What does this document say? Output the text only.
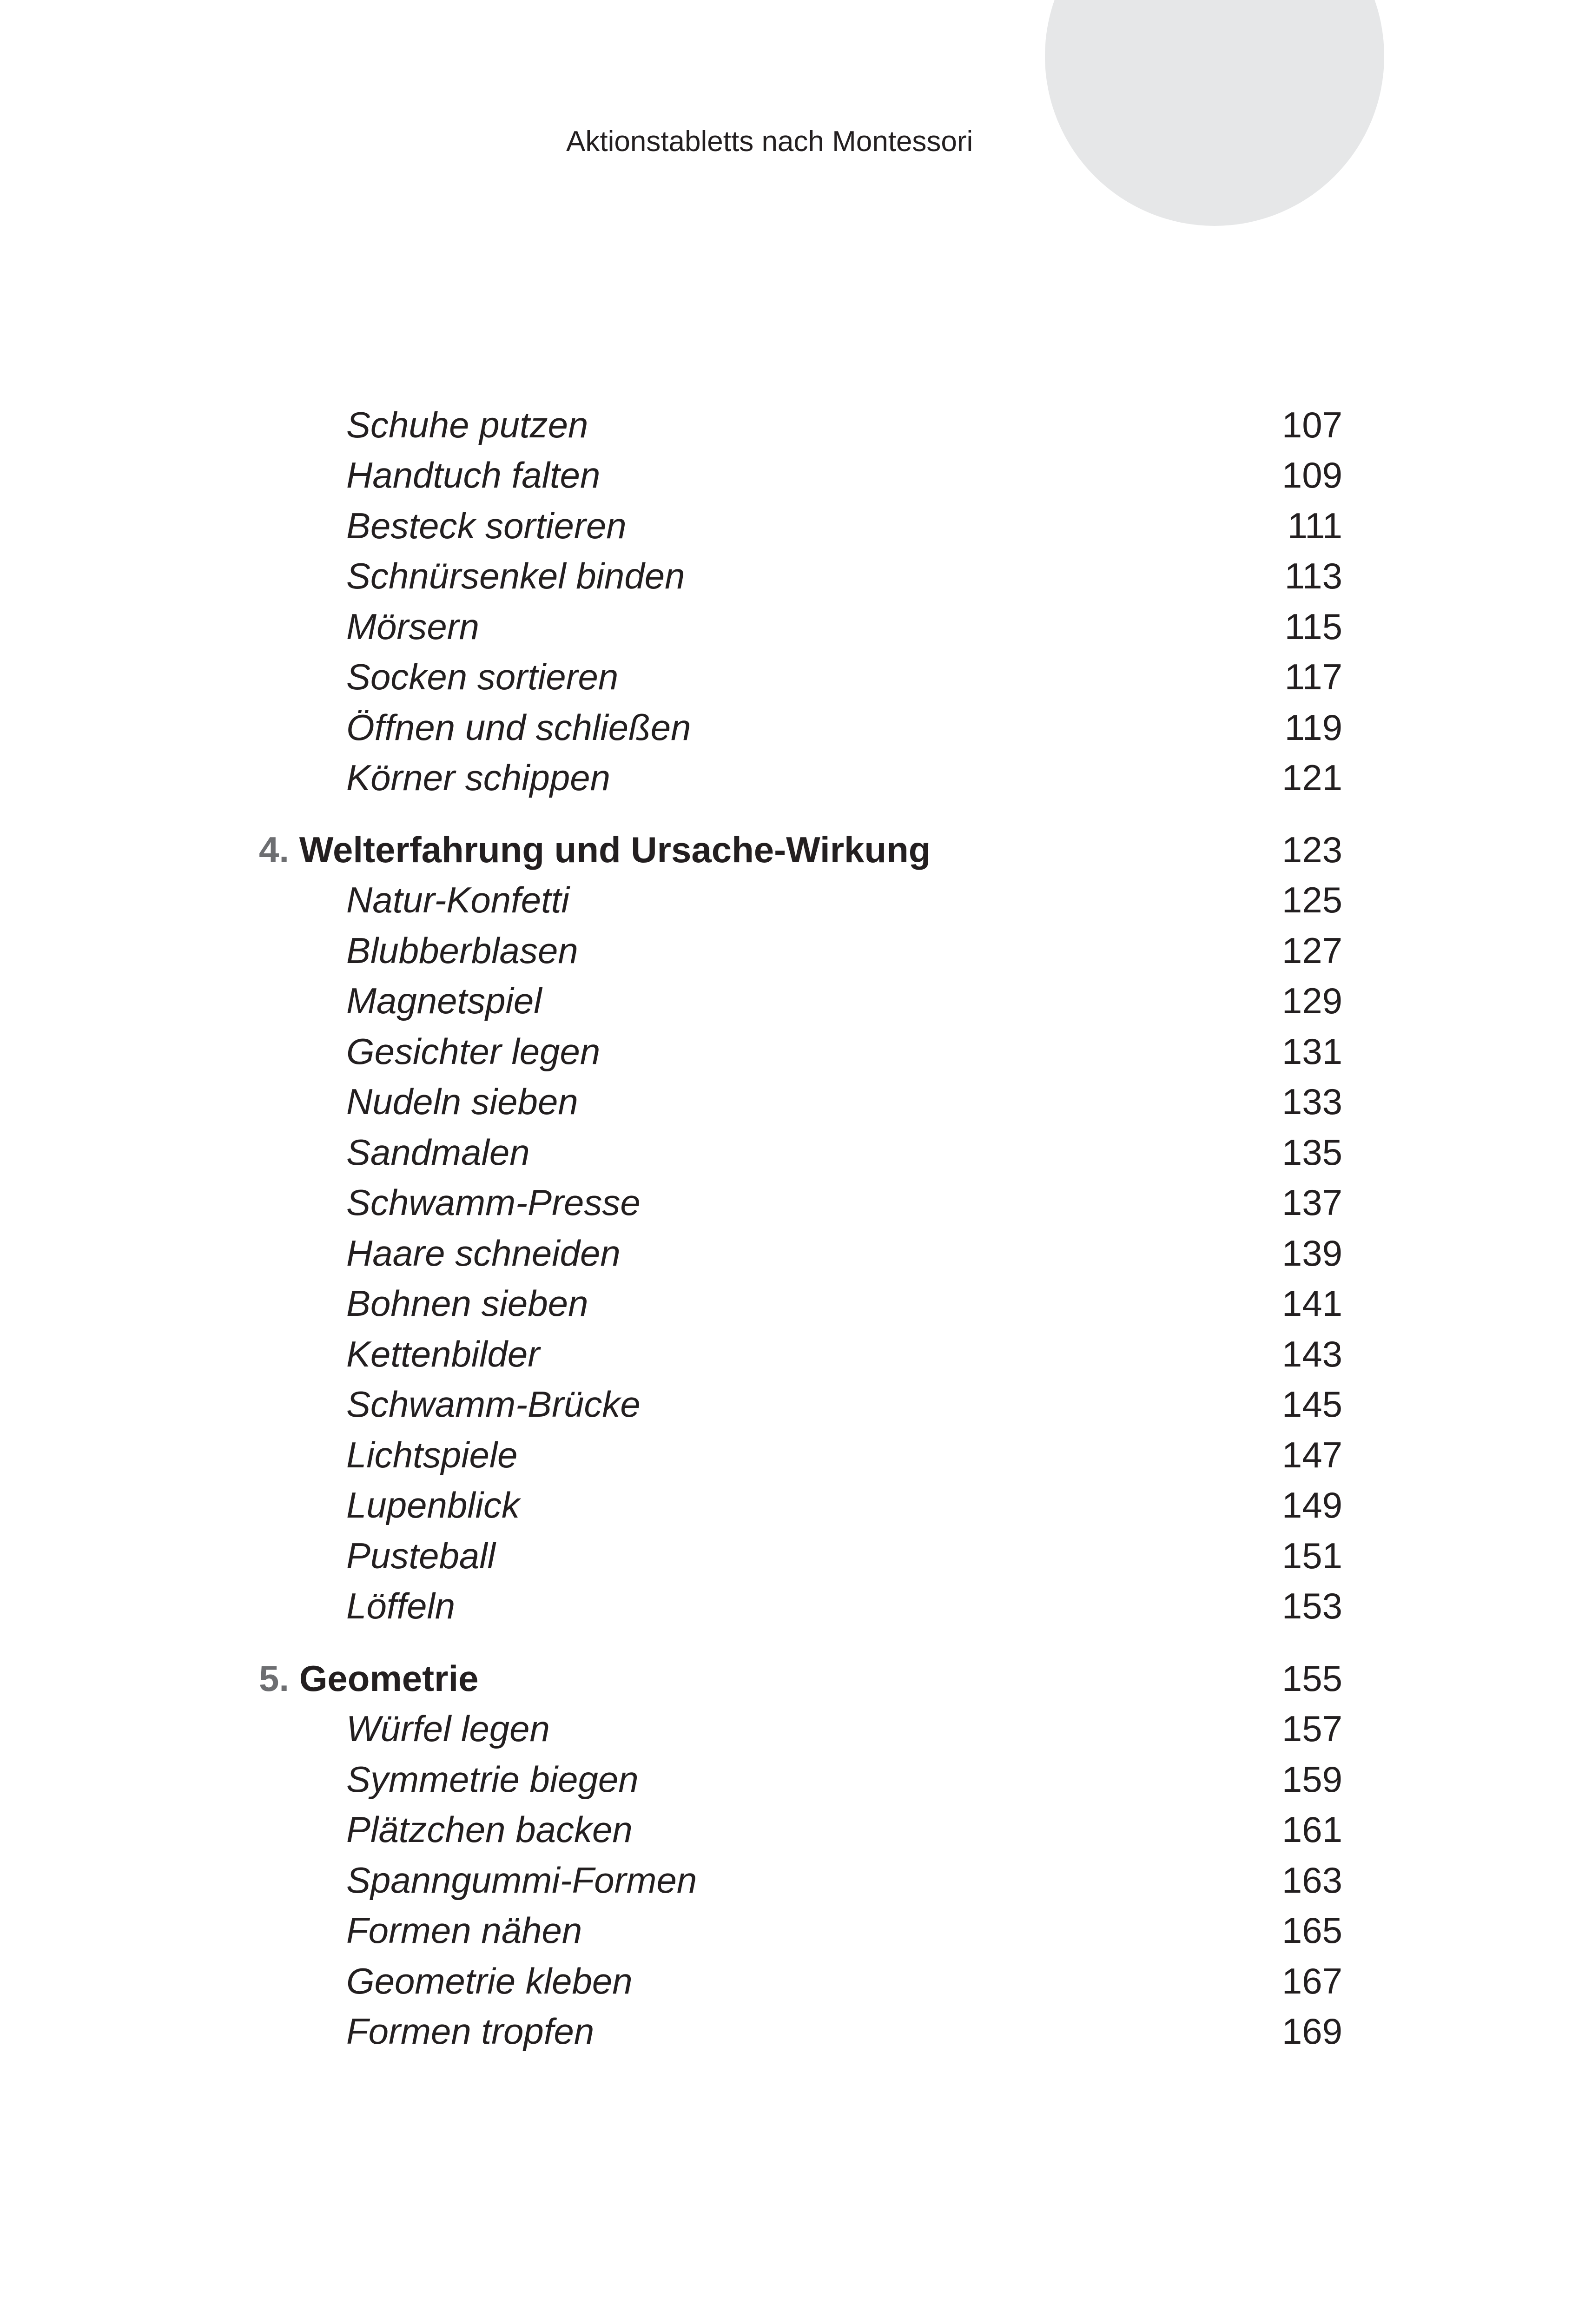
Aktionstabletts nach Montessori
Schuhe putzen	107
Handtuch falten	109
Besteck sortieren	111
Schnürsenkel binden	113
Mörsern	115
Socken sortieren	117
Öffnen und schließen	119
Körner schippen	121
4. Welterfahrung und Ursache-Wirkung	123
Natur-Konfetti	125
Blubberblasen	127
Magnetspiel	129
Gesichter legen	131
Nudeln sieben	133
Sandmalen	135
Schwamm-Presse	137
Haare schneiden	139
Bohnen sieben	141
Kettenbilder	143
Schwamm-Brücke	145
Lichtspiele	147
Lupenblick	149
Pusteball	151
Löffeln	153
5. Geometrie	155
Würfel legen	157
Symmetrie biegen	159
Plätzchen backen	161
Spanngummi-Formen	163
Formen nähen	165
Geometrie kleben	167
Formen tropfen	169
